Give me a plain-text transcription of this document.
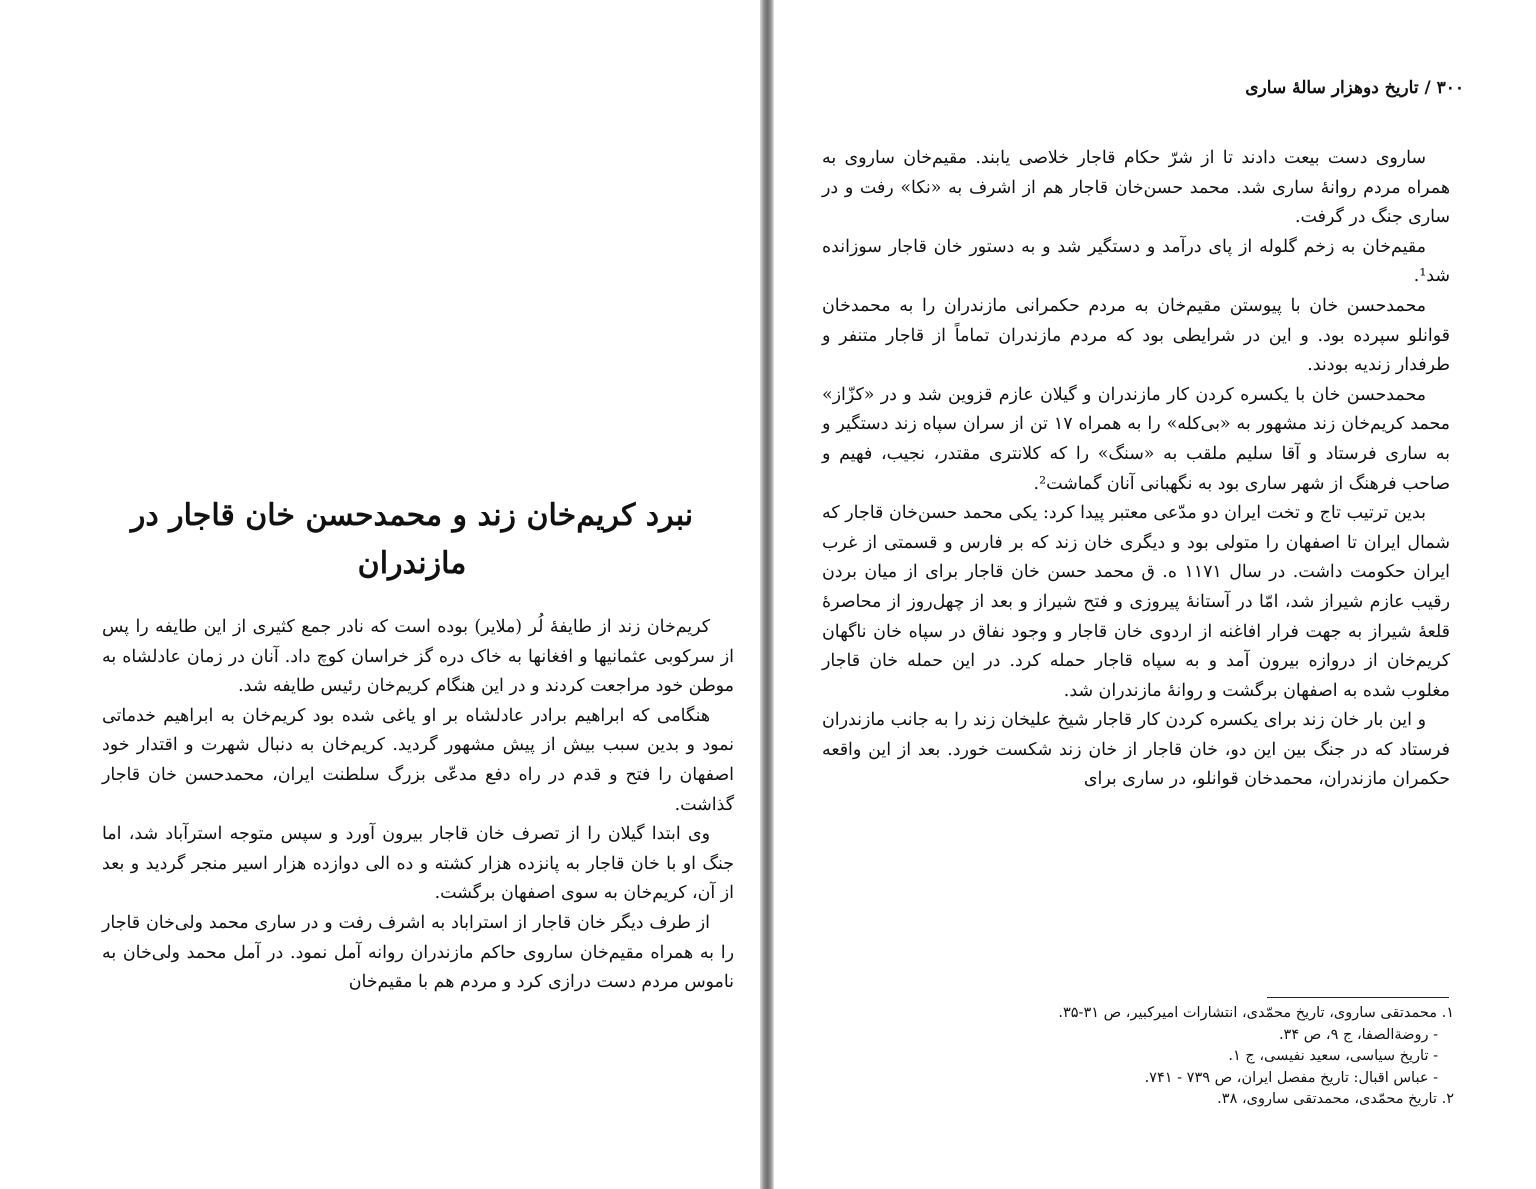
نبرد کریم‌خان زند و محمدحسن خان قاجار در مازندران

کریم‌خان زند از طایفهٔ لُر (ملایر) بوده است که نادر جمع کثیری از این طایفه را پس از سرکوبی عثمانیها و افغانها به خاک دره گز خراسان کوچ داد. آنان در زمان عادلشاه به موطن خود مراجعت کردند و در این هنگام کریم‌خان رئیس طایفه شد.

هنگامی که ابراهیم برادر عادلشاه بر او یاغی شده بود کریم‌خان به ابراهیم خدماتی نمود و بدین سبب بیش از پیش مشهور گردید. کریم‌خان به دنبال شهرت و اقتدار خود اصفهان را فتح و قدم در راه دفع مدعّی بزرگ سلطنت ایران، محمدحسن خان قاجار گذاشت.

وی ابتدا گیلان را از تصرف خان قاجار بیرون آورد و سپس متوجه استرآباد شد، اما جنگ او با خان قاجار به پانزده هزار کشته و ده الی دوازده هزار اسیر منجر گردید و بعد از آن، کریم‌خان به سوی اصفهان برگشت.

از طرف دیگر خان قاجار از استراباد به اشرف رفت و در ساری محمد ولی‌خان قاجار را به همراه مقیم‌خان ساروی حاکم مازندران روانه آمل نمود. در آمل محمد ولی‌خان به ناموس مردم دست درازی کرد و مردم هم با مقیم‌خان

۳۰۰ / تاریخ دوهزار سالهٔ ساری

ساروی دست بیعت دادند تا از شرّ حکام قاجار خلاصی یابند. مقیم‌خان ساروی به همراه مردم روانهٔ ساری شد. محمد حسن‌خان قاجار هم از اشرف به «نکا» رفت و در ساری جنگ در گرفت.

مقیم‌خان به زخم گلوله از پای درآمد و دستگیر شد و به دستور خان قاجار سوزانده شد¹.

محمدحسن خان با پیوستن مقیم‌خان به مردم حکمرانی مازندران را به محمدخان قوانلو سپرده بود. و این در شرایطی بود که مردم مازندران تماماً از قاجار متنفر و طرفدار زندیه بودند.

محمدحسن خان با یکسره کردن کار مازندران و گیلان عازم قزوین شد و در «کزّاز» محمد کریم‌خان زند مشهور به «بی‌کله» را به همراه ۱۷ تن از سران سپاه زند دستگیر و به ساری فرستاد و آقا سلیم ملقب به «سنگ» را که کلانتری مقتدر، نجیب، فهیم و صاحب فرهنگ از شهر ساری بود به نگهبانی آنان گماشت².

بدین ترتیب تاج و تخت ایران دو مدّعی معتبر پیدا کرد: یکی محمد حسن‌خان قاجار که شمال ایران تا اصفهان را متولی بود و دیگری خان زند که بر فارس و قسمتی از غرب ایران حکومت داشت. در سال ۱۱۷۱ ه. ق محمد حسن خان قاجار برای از میان بردن رقیب عازم شیراز شد، امّا در آستانهٔ پیروزی و فتح شیراز و بعد از چهل‌روز از محاصرهٔ قلعهٔ شیراز به جهت فرار افاغنه از اردوی خان قاجار و وجود نفاق در سپاه خان ناگهان کریم‌خان از دروازه بیرون آمد و به سپاه قاجار حمله کرد. در این حمله خان قاجار مغلوب شده به اصفهان برگشت و روانهٔ مازندران شد.

و این بار خان زند برای یکسره کردن کار قاجار شیخ علیخان زند را به جانب مازندران فرستاد که در جنگ بین این دو، خان قاجار از خان زند شکست خورد. بعد از این واقعه حکمران مازندران، محمدخان قوانلو، در ساری برای

۱. محمدتقی ساروی، تاریخ محمّدی، انتشارات امیرکبیر، ص ۳۱-۳۵.
- روضةالصفا، ج ۹، ص ۳۴.
- تاریخ سیاسی، سعید نفیسی، ج ۱.
- عباس اقبال: تاریخ مفصل ایران، ص ۷۳۹ - ۷۴۱.
۲. تاریخ محمّدی، محمدتقی ساروی، ۳۸.
